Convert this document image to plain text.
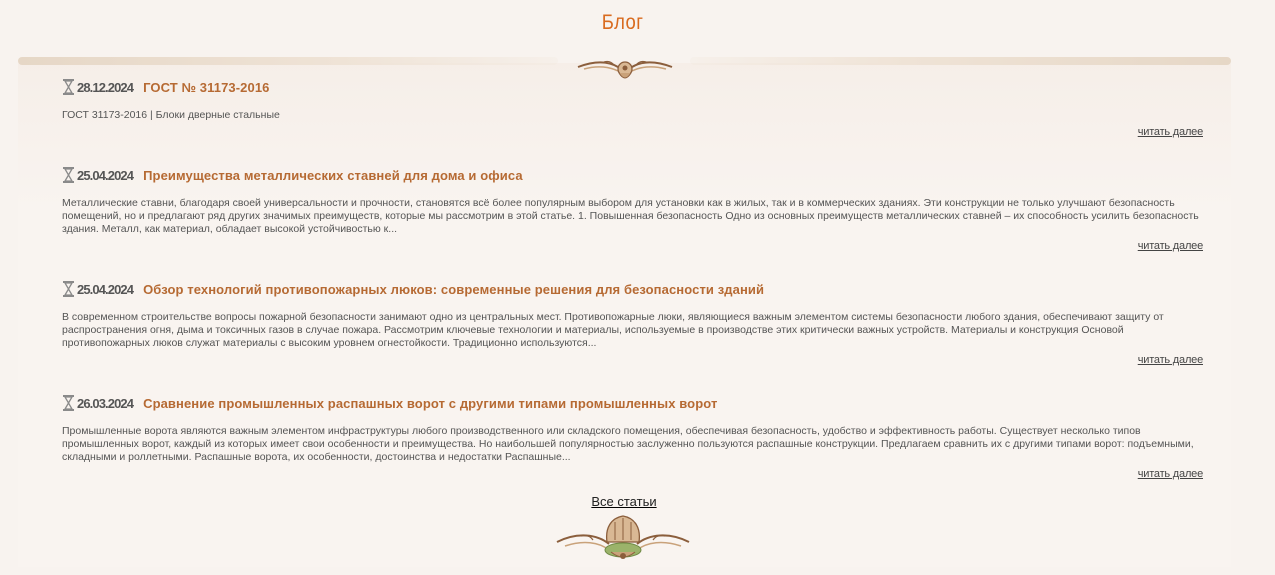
Блог
28.12.2024 ГОСТ № 31173-2016

ГОСТ 31173-2016 | Блоки дверные стальные

читать далее
25.04.2024 Преимущества металлических ставней для дома и офиса

Металлические ставни, благодаря своей универсальности и прочности, становятся всё более популярным выбором для установки как в жилых, так и в коммерческих зданиях. Эти конструкции не только улучшают безопасность помещений, но и предлагают ряд других значимых преимуществ, которые мы рассмотрим в этой статье. 1. Повышенная безопасность Одно из основных преимуществ металлических ставней – их способность усилить безопасность здания. Металл, как материал, обладает высокой устойчивостью к...

читать далее
25.04.2024 Обзор технологий противопожарных люков: современные решения для безопасности зданий

В современном строительстве вопросы пожарной безопасности занимают одно из центральных мест. Противопожарные люки, являющиеся важным элементом системы безопасности любого здания, обеспечивают защиту от распространения огня, дыма и токсичных газов в случае пожара. Рассмотрим ключевые технологии и материалы, используемые в производстве этих критически важных устройств. Материалы и конструкция Основой противопожарных люков служат материалы с высоким уровнем огнестойкости. Традиционно используются...

читать далее
26.03.2024 Сравнение промышленных распашных ворот с другими типами промышленных ворот

Промышленные ворота являются важным элементом инфраструктуры любого производственного или складского помещения, обеспечивая безопасность, удобство и эффективность работы. Существует несколько типов промышленных ворот, каждый из которых имеет свои особенности и преимущества. Но наибольшей популярностью заслуженно пользуются распашные конструкции. Предлагаем сравнить их с другими типами ворот: подъемными, складными и роллетными. Распашные ворота, их особенности, достоинства и недостатки Распашные...

читать далее
Все статьи
